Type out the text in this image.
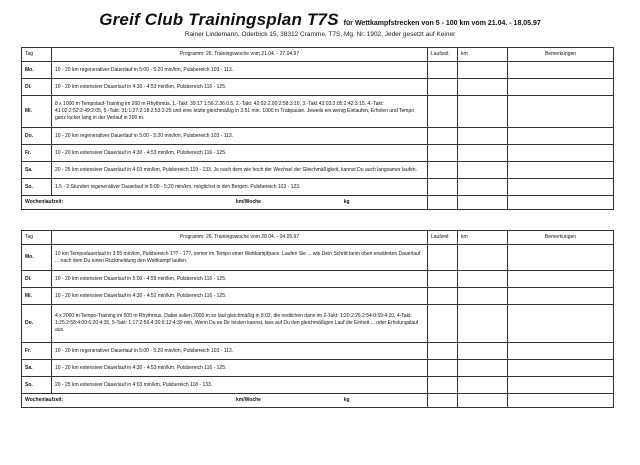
Greif Club Trainingsplan T7S für Wettkampfstrecken von 5 - 100 km vom 21.04. - 18.05.97
Rainer Lindemann, Oderbick 15, 38312 Cramme, T7S, Mg. Nr. 1902, Jeder gesetzt auf Keiner
Tag	Programm: 26. Trainingswoche vom 21.04. - 27.04.97	Laufzeit	km	Bemerkungen
Mo.	10 - 20 km regenerativer Dauerlauf in 5:00 - 5:20 min/km, Pulsbereich 103 - 113.			
Di.	10 - 20 km extensiver Dauerlauf in 4:30 - 4:53 min/km, Pulsbereich 116 - 125.			
Mi.	8 x 1000 m Tempolauf-Training im 200 m Rhythmus. 1.-Takt: 39:17 1:56:2.36:0.5, 2.-Takt: 42:02:2.00:2:58:3:10, 3.-Takt 43:03:2:05:2:42:3:15. 4.-Takt: 41:02:2:52:2:49:2:05, 5.-Takt: 31:1:27:2:18:2:53:3:25 und eine letzte gleichmäßig in 3:51 min. 1000 m Trabpause. Jeweils ein wenig Einlaufen, Erholen und Tempo ganz locker lang in der Verlauf in 200 m.			
Do.	10 - 20 km regenerativer Dauerlauf in 5:00 - 5:20 min/km, Pulsbereich 103 - 113.			
Fr.	10 - 20 km extensiver Dauerlauf in 4:30 - 4:53 min/km, Pulsbereich 116 - 125.			
Sa.	20 - 25 km extensiver Dauerlauf in 4:03 min/km, Pulsbereich 119 - 133. Je nach dem wie hoch der Wechsel der Gleichmäßigkeit, kannst Du auch langsamer laufen.			
So.	1.5 - 2 Stunden regenerativer Dauerlauf in 5:00 - 5:20 min/km, möglichst in den Bergen. Pulsbereich 103 - 123.			
Wochenlaufzeit: km/Woche kg				
Tag	Programm: 26. Trainingswoche vom 28.04. - 04.05.97	Laufzeit	km	Bemerkungen
Mo.	10 km Tempodauerlauf in 3:55 min/km, Pulsbereich 1?? - 1??, immer im Tempo einer Wettkampfpace. Laufen Sie ... wie Dein Schritt beim oben erwähnten Dauerlauf ... nach dem Du einen Rückmeldung den Wettkampf laufen.			
Di.	10 - 20 km extensiver Dauerlauf in 5:00 - 4:59 min/km, Pulsbereich 116 - 125.			
Mi.	10 - 20 km extensiver Dauerlauf in 4:30 - 4:52 min/km, Pulsbereich 116 - 125.			
Do.	4 x 2000 m Tempo-Training im 500 m Rhythmus. Dabei sollen 2000 m so laut gleichmäßig in 8:02, die restlichen dann im 2-Takt: 1:20:2:26:2:54:0:59:4:20, 4-Takt: 1:25:2:58:4:00:6:20:4:35, 5-Takt: 1:17:2:56:4:30:6:12:4:39 min. Wenn Du es Dir leisten kannst, lass auf Du den gleichmäßigen Lauf die Einheit ... oder Erholungslauf aus.			
Fr.	10 - 20 km regenerativer Dauerlauf in 5:00 - 5:20 min/km, Pulsbereich 103 - 113.			
Sa.	10 - 20 km extensiver Dauerlauf in 4:30 - 4:53 min/km, Pulsbereich 116 - 125.			
So.	20 - 25 km extensiver Dauerlauf in 4:03 min/km, Pulsbereich 118 - 133.			
Wochenlaufzeit: km/Woche kg				
